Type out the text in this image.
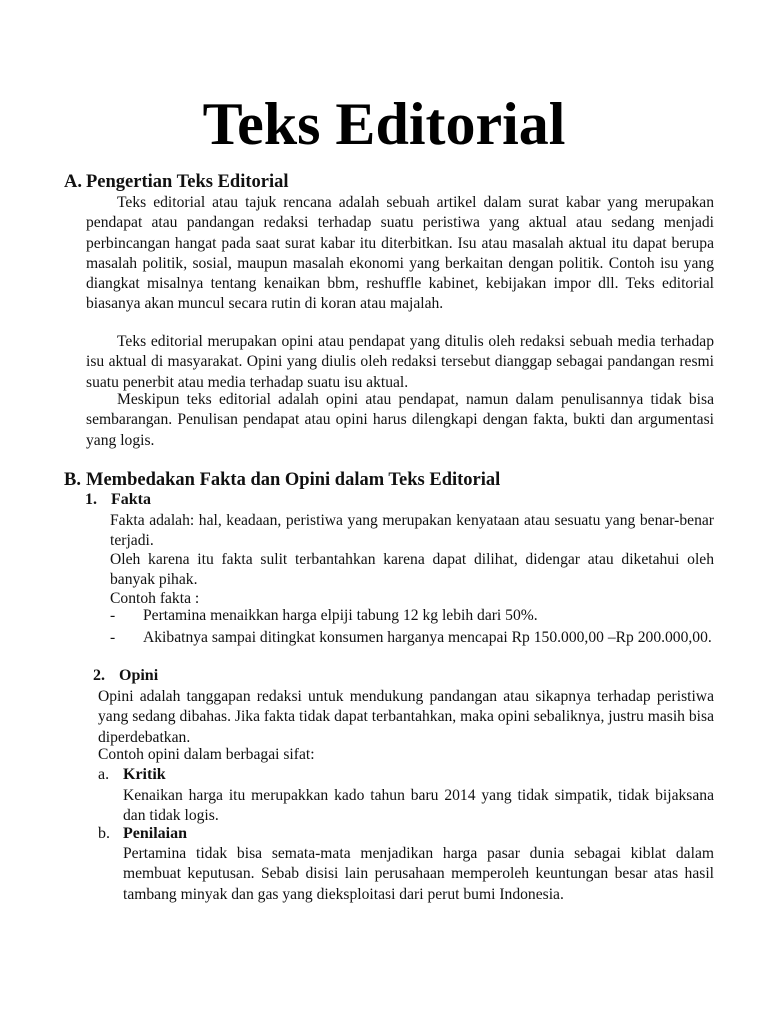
Teks Editorial
A. Pengertian Teks Editorial
Teks editorial atau tajuk rencana adalah sebuah artikel dalam surat kabar yang merupakan pendapat atau pandangan redaksi terhadap suatu peristiwa yang aktual atau sedang menjadi perbincangan hangat pada saat surat kabar itu diterbitkan. Isu atau masalah aktual itu dapat berupa masalah politik, sosial, maupun masalah ekonomi yang berkaitan dengan politik. Contoh isu yang diangkat misalnya tentang kenaikan bbm, reshuffle kabinet, kebijakan impor dll. Teks editorial biasanya akan muncul secara rutin di koran atau majalah.
Teks editorial merupakan opini atau pendapat yang ditulis oleh redaksi sebuah media terhadap isu aktual di masyarakat. Opini yang diulis oleh redaksi tersebut dianggap sebagai pandangan resmi suatu penerbit atau media terhadap suatu isu aktual.
Meskipun teks editorial adalah opini atau pendapat, namun dalam penulisannya tidak bisa sembarangan. Penulisan pendapat atau opini harus dilengkapi dengan fakta, bukti dan argumentasi yang logis.
B. Membedakan Fakta dan Opini dalam Teks Editorial
1. Fakta
Fakta adalah: hal, keadaan, peristiwa yang merupakan kenyataan atau sesuatu yang benar-benar terjadi.
Oleh karena itu fakta sulit terbantahkan karena dapat dilihat, didengar atau diketahui oleh banyak pihak.
Contoh fakta :
-	Pertamina menaikkan harga elpiji tabung 12 kg lebih dari 50%.
-	Akibatnya sampai ditingkat konsumen harganya mencapai Rp 150.000,00 –Rp 200.000,00.
2. Opini
Opini adalah tanggapan redaksi untuk mendukung pandangan atau sikapnya terhadap peristiwa yang sedang dibahas. Jika fakta tidak dapat terbantahkan, maka opini sebaliknya, justru masih bisa diperdebatkan.
Contoh opini dalam berbagai sifat:
a. Kritik
Kenaikan harga itu merupakkan kado tahun baru 2014 yang tidak simpatik, tidak bijaksana dan tidak logis.
b. Penilaian
Pertamina tidak bisa semata-mata menjadikan harga pasar dunia sebagai kiblat dalam membuat keputusan. Sebab disisi lain perusahaan memperoleh keuntungan besar atas hasil tambang minyak dan gas yang dieksploitasi dari perut bumi Indonesia.
